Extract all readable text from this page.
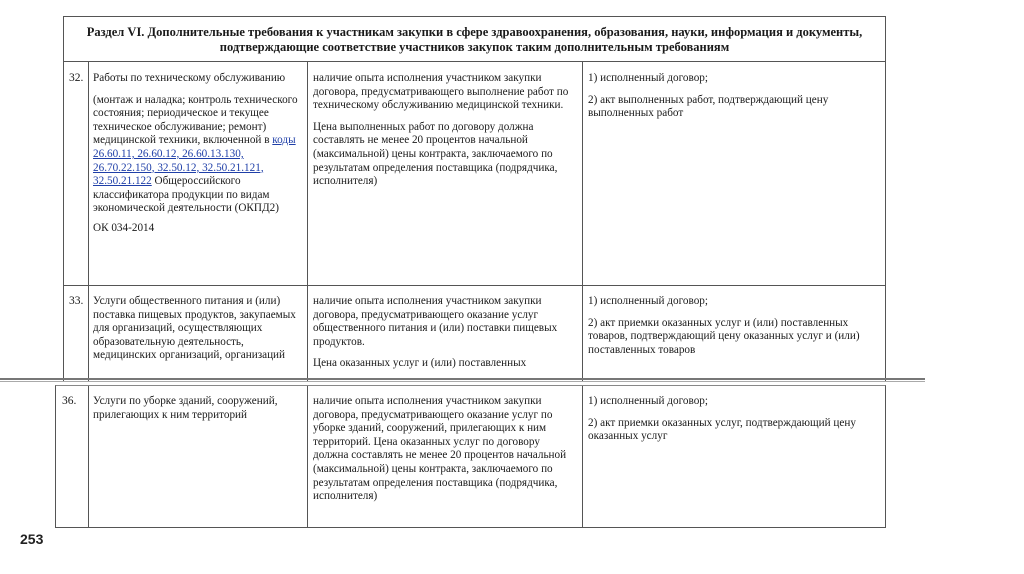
Раздел VI. Дополнительные требования к участникам закупки в сфере здравоохранения, образования, науки, информация и документы, подтверждающие соответствие участников закупок таким дополнительным требованиям
32. Работы по техническому обслуживанию

(монтаж и наладка; контроль технического состояния; периодическое и текущее техническое обслуживание; ремонт) медицинской техники, включенной в коды 26.60.11, 26.60.12, 26.60.13.130, 26.70.22.150, 32.50.12, 32.50.21.121, 32.50.21.122 Общероссийского классификатора продукции по видам экономической деятельности (ОКПД2)

ОК 034-2014

наличие опыта исполнения участником закупки договора, предусматривающего выполнение работ по техническому обслуживанию медицинской техники.

Цена выполненных работ по договору должна составлять не менее 20 процентов начальной (максимальной) цены контракта, заключаемого по результатам определения поставщика (подрядчика, исполнителя)

1) исполненный договор;

2) акт выполненных работ, подтверждающий цену выполненных работ

33. Услуги общественного питания и (или) поставка пищевых продуктов, закупаемых для организаций, осуществляющих образовательную деятельность, медицинских организаций, организаций

наличие опыта исполнения участником закупки договора, предусматривающего оказание услуг общественного питания и (или) поставки пищевых продуктов.

Цена оказанных услуг и (или) поставленных

1) исполненный договор;

2) акт приемки оказанных услуг и (или) поставленных товаров, подтверждающий цену оказанных услуг и (или) поставленных товаров

36. Услуги по уборке зданий, сооружений, прилегающих к ним территорий

наличие опыта исполнения участником закупки договора, предусматривающего оказание услуг по уборке зданий, сооружений, прилегающих к ним территорий. Цена оказанных услуг по договору должна составлять не менее 20 процентов начальной (максимальной) цены контракта, заключаемого по результатам определения поставщика (подрядчика, исполнителя)

1) исполненный договор;

2) акт приемки оказанных услуг, подтверждающий цену оказанных услуг

253
